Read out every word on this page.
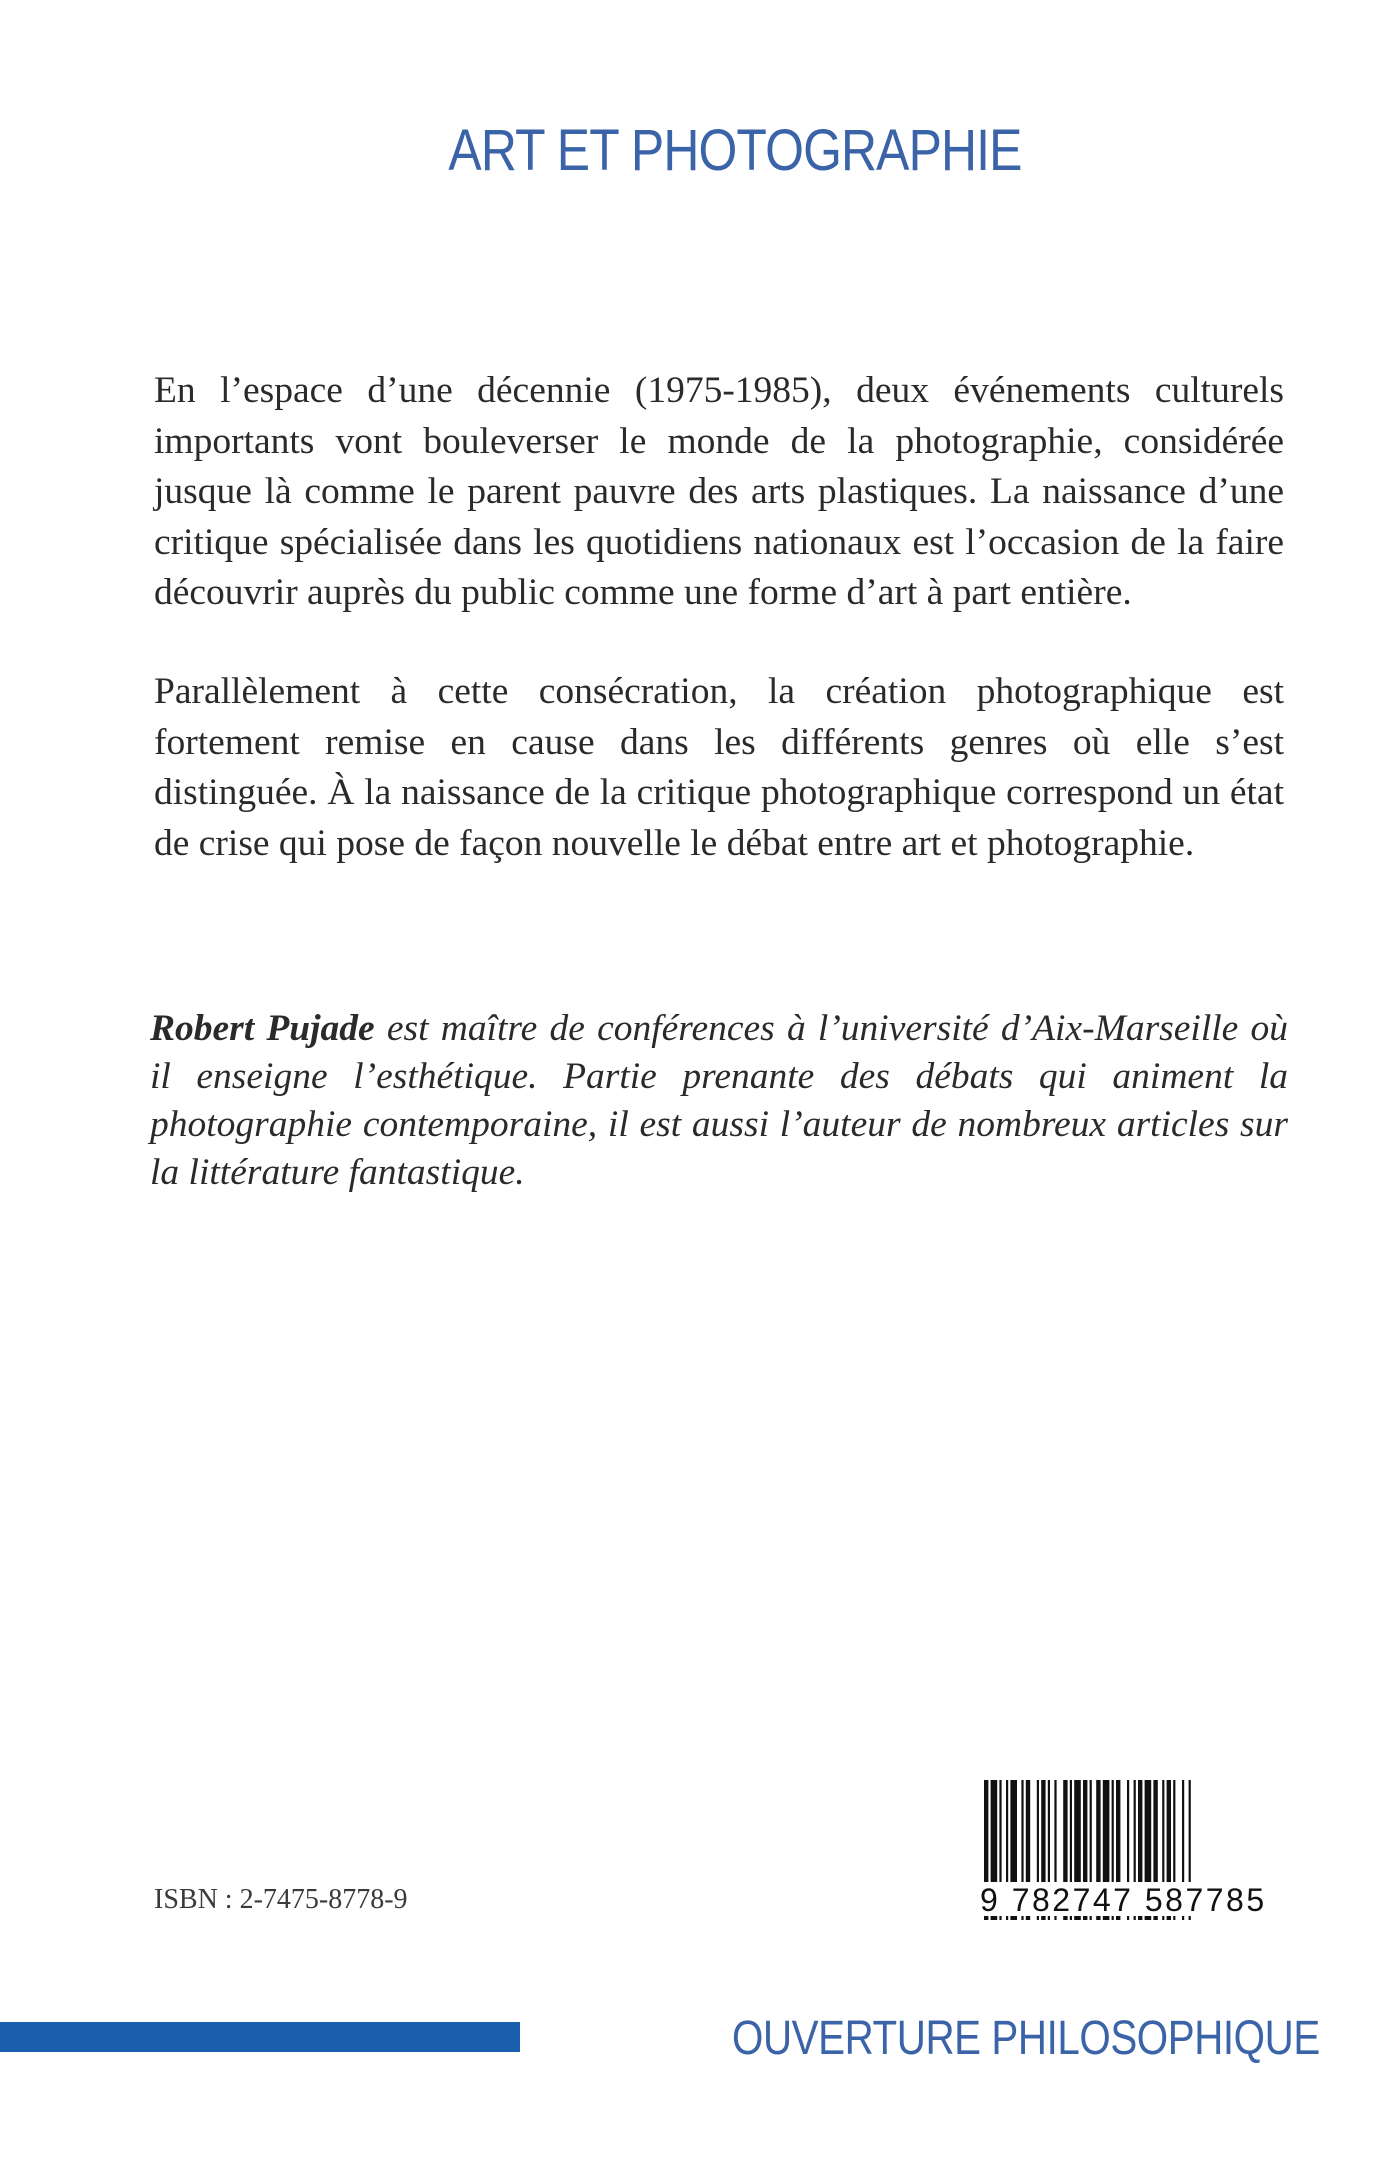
ART ET PHOTOGRAPHIE

En l’espace d’une décennie (1975-1985), deux événements culturels importants vont bouleverser le monde de la photographie, considérée jusque là comme le parent pauvre des arts plastiques. La naissance d’une critique spécialisée dans les quotidiens nationaux est l’occasion de la faire découvrir auprès du public comme une forme d’art à part entière.

Parallèlement à cette consécration, la création photographique est fortement remise en cause dans les différents genres où elle s’est distinguée. À la naissance de la critique photographique correspond un état de crise qui pose de façon nouvelle le débat entre art et photographie.

Robert Pujade est maître de conférences à l’université d’Aix-Marseille où il enseigne l’esthétique. Partie prenante des débats qui animent la photographie contemporaine, il est aussi l’auteur de nombreux articles sur la littérature fantastique.

ISBN : 2-7475-8778-9	9 782747 587785
OUVERTURE PHILOSOPHIQUE
